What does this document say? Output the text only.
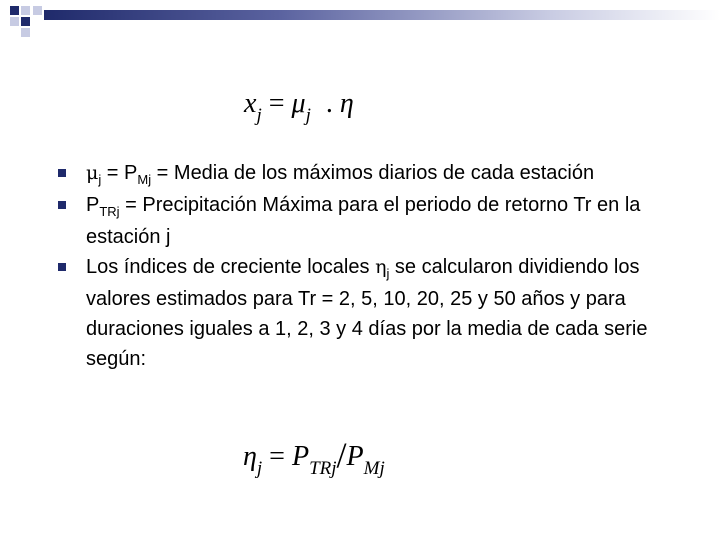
$x_j = \mu_j$ . η
$\mu_j = P_{Mj}$ = Media de los máximos diarios de cada estación
$P_{TRj}$ = Precipitación Máxima para el periodo de retorno Tr en la estación j
Los índices de creciente locales $\eta_j$ se calcularon dividiendo los valores estimados para Tr = 2, 5, 10, 20, 25 y 50 años y para duraciones iguales a 1, 2, 3 y 4 días por la media de cada serie según:
$\eta_j = P_{TRj}/P_{Mj}$
